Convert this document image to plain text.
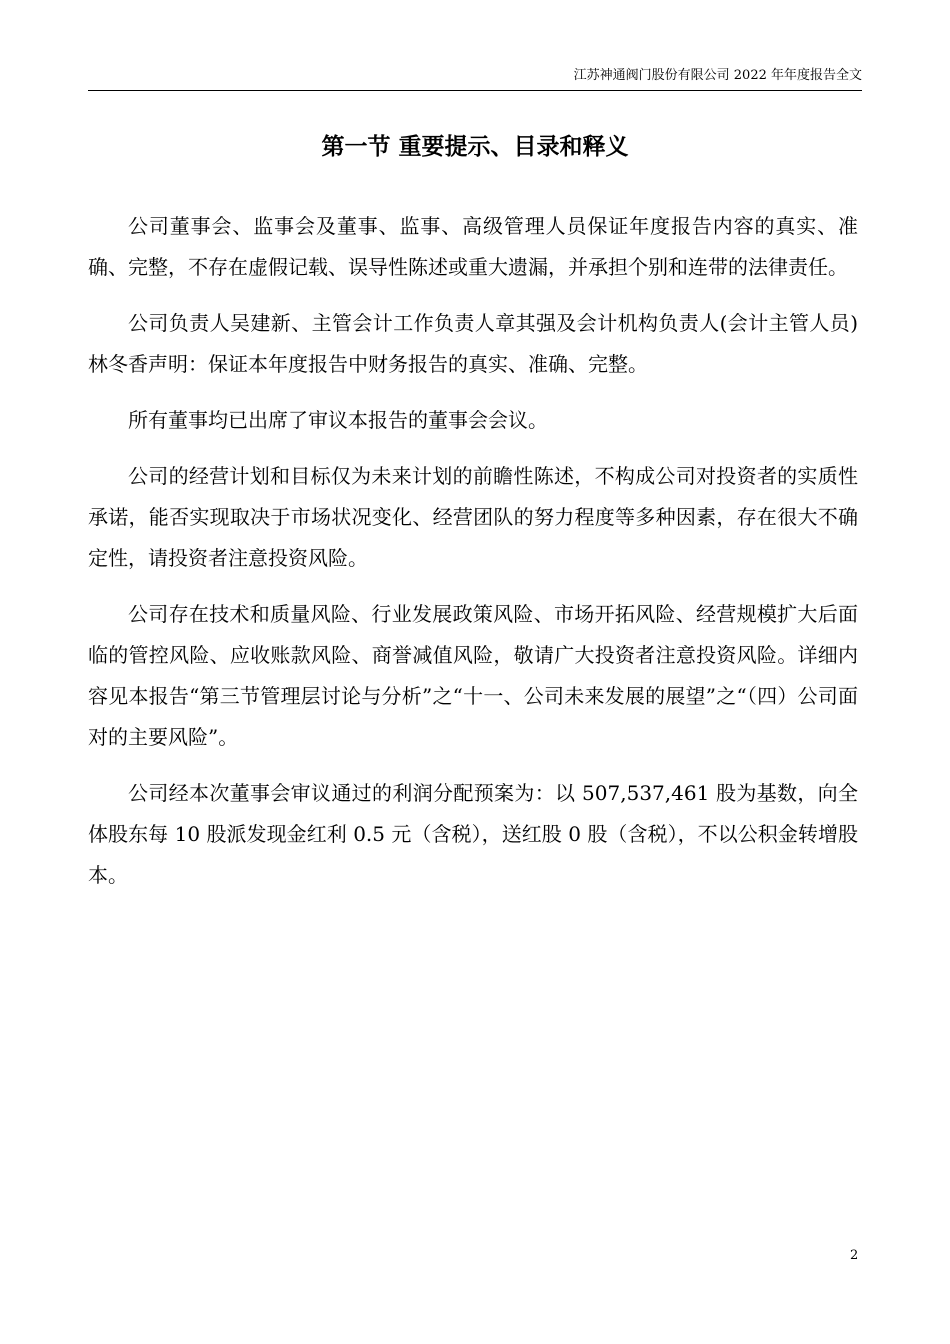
江苏神通阀门股份有限公司 2022 年年度报告全文
第一节 重要提示、目录和释义

公司董事会、监事会及董事、监事、高级管理人员保证年度报告内容的真实、准确、完整，不存在虚假记载、误导性陈述或重大遗漏，并承担个别和连带的法律责任。

公司负责人吴建新、主管会计工作负责人章其强及会计机构负责人(会计主管人员)林冬香声明：保证本年度报告中财务报告的真实、准确、完整。

所有董事均已出席了审议本报告的董事会会议。

公司的经营计划和目标仅为未来计划的前瞻性陈述，不构成公司对投资者的实质性承诺，能否实现取决于市场状况变化、经营团队的努力程度等多种因素，存在很大不确定性，请投资者注意投资风险。

公司存在技术和质量风险、行业发展政策风险、市场开拓风险、经营规模扩大后面临的管控风险、应收账款风险、商誉减值风险，敬请广大投资者注意投资风险。详细内容见本报告“第三节管理层讨论与分析”之“十一、公司未来发展的展望”之“（四）公司面对的主要风险”。

公司经本次董事会审议通过的利润分配预案为：以 507,537,461 股为基数，向全体股东每 10 股派发现金红利 0.5 元（含税），送红股 0 股（含税），不以公积金转增股本。

2
